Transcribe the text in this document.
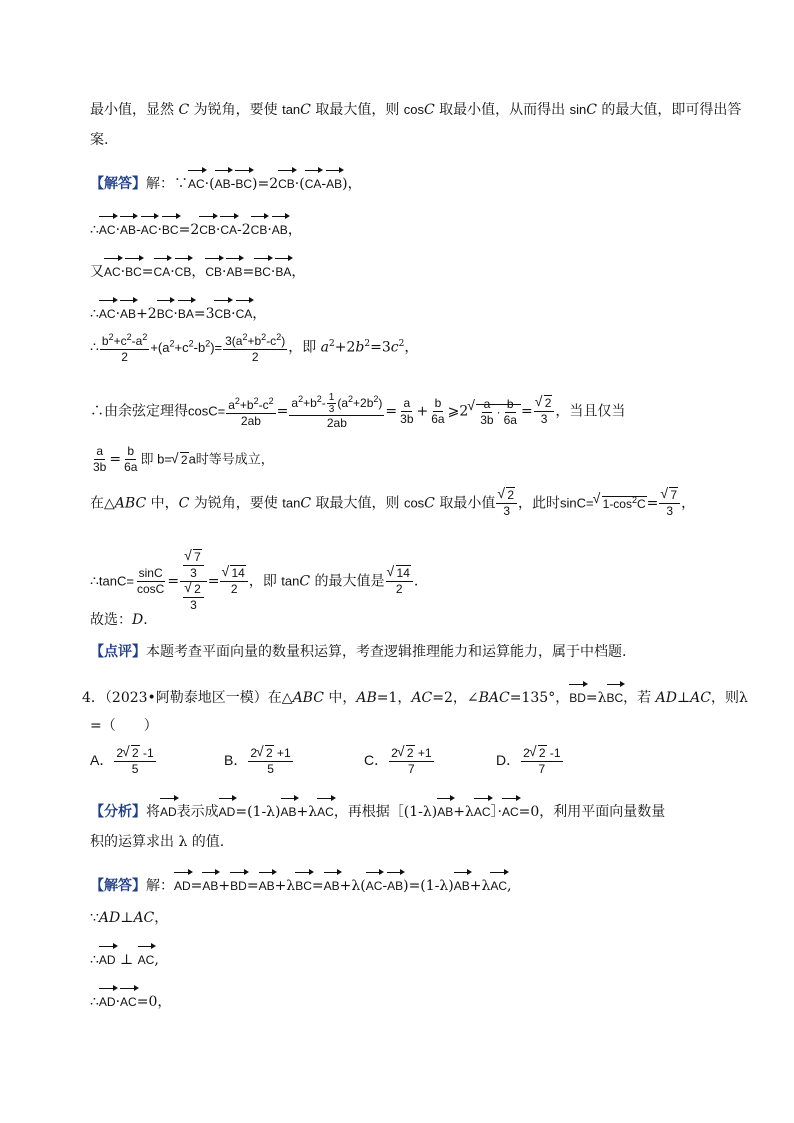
最小值，显然 C 为锐角，要使 tanC 取最大值，则 cosC 取最小值，从而得出 sinC 的最大值，即可得出答
案.
【解答】解：∵AC·(AB-BC)=2CB·(CA-AB)，
∴AC·AB-AC·BC=2CB·CA-2CB·AB，
又AC·BC=CA·CB，CB·AB=BC·BA，
∴AC·AB+2BC·BA=3CB·CA，
∴ $\frac{b^2+c^2-a^2}{2} +(a^2+c^2-b^2)= \frac{3(a^2+b^2-c^2)}{2}$ ，即 $a^2+2b^2=3c^2$，
∴由余弦定理得$\cos C= \frac{a^2+b^2-c^2}{2ab} = \frac{a^2+b^2- \frac{1}{3} (a^2+2b^2)}{2ab} = \frac{a}{3b} + \frac{b}{6a}$ ⩾2 √ $\frac{a}{3b} \cdot \frac{b}{6a}$ = √ $\frac{2}{3}$ ，当且仅当
$\frac{a}{3b} = \frac{b}{6a}$ 即 b= √ 2a时等号成立，
在△ABC 中，C 为锐角，要使 tanC 取最大值，则 cosC 取最小值 √ $\frac{2}{3}$ ，此时sinC= √ $1-\cos^2C=$ √ $\frac{7}{3}$ ，
∴tanC= $\frac{\sin C}{\cos C}$ = √ $\frac{7}{3}$
√ $\frac{2}{3}$ = √ $\frac{14}{2}$ ，即 tanC 的最大值是 √ $\frac{14}{2}$ .
故选：D.
【点评】本题考查平面向量的数量积运算，考查逻辑推理能力和运算能力，属于中档题.
4．（2023•阿勒泰地区一模）在△ABC 中，AB=1，AC=2，∠BAC=135°，BD=λBC，若 AD⊥AC，则λ
=（　　）
A． $\frac{2 √ 2 -1}{5}$	B． $\frac{2 √ 2 +1}{5}$	C． $\frac{2 √ 2 +1}{7}$	D． $\frac{2 √ 2 -1}{7}$
【分析】将AD表示成AD=(1-λ)AB+λAC，再根据［(1-λ)AB+λAC］·AC=0，利用平面向量数量
积的运算求出 λ 的值.
【解答】解：AD=AB+BD=AB+λBC=AB+λ(AC-AB)=(1-λ)AB+λAC,
∵AD⊥AC，
∴AD ⊥ AC,
∴AD·AC=0，
